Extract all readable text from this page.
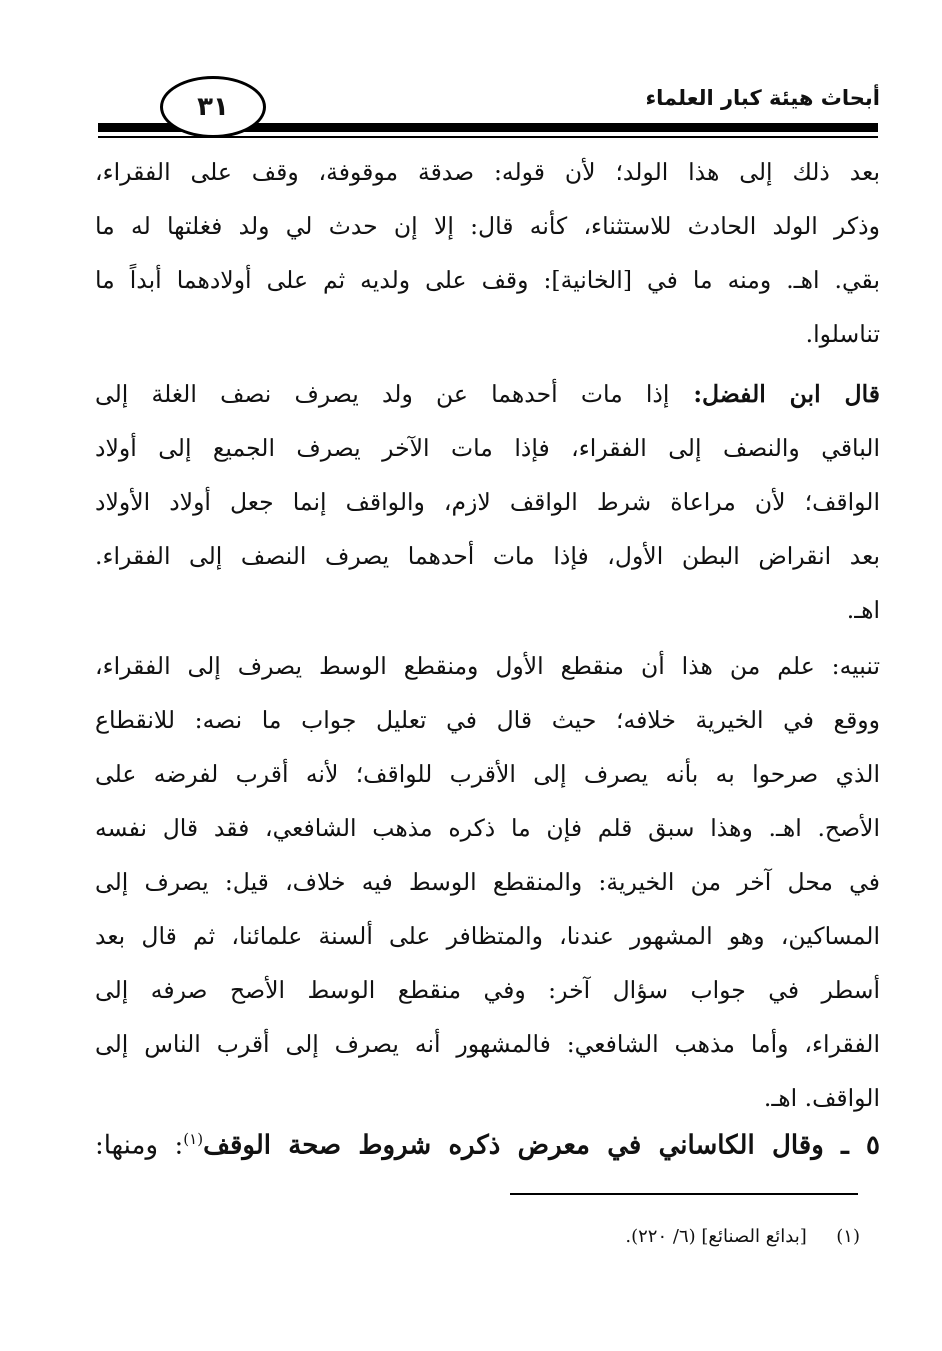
أبحاث هيئة كبار العلماء
٣١
بعد ذلك إلى هذا الولد؛ لأن قوله: صدقة موقوفة، وقف على الفقراء،
وذكر الولد الحادث للاستثناء، كأنه قال: إلا إن حدث لي ولد فغلتها له ما
بقي. اهـ. ومنه ما في [الخانية]: وقف على ولديه ثم على أولادهما أبداً ما
تناسلوا.
قال ابن الفضل: إذا مات أحدهما عن ولد يصرف نصف الغلة إلى
الباقي والنصف إلى الفقراء، فإذا مات الآخر يصرف الجميع إلى أولاد
الواقف؛ لأن مراعاة شرط الواقف لازم، والواقف إنما جعل أولاد الأولاد
بعد انقراض البطن الأول، فإذا مات أحدهما يصرف النصف إلى الفقراء.
اهـ.
تنبيه: علم من هذا أن منقطع الأول ومنقطع الوسط يصرف إلى الفقراء،
ووقع في الخيرية خلافه؛ حيث قال في تعليل جواب ما نصه: للانقطاع
الذي صرحوا به بأنه يصرف إلى الأقرب للواقف؛ لأنه أقرب لفرضه على
الأصح. اهـ. وهذا سبق قلم فإن ما ذكره مذهب الشافعي، فقد قال نفسه
في محل آخر من الخيرية: والمنقطع الوسط فيه خلاف، قيل: يصرف إلى
المساكين، وهو المشهور عندنا، والمتظافر على ألسنة علمائنا، ثم قال بعد
أسطر في جواب سؤال آخر: وفي منقطع الوسط الأصح صرفه إلى
الفقراء، وأما مذهب الشافعي: فالمشهور أنه يصرف إلى أقرب الناس إلى
الواقف. اهـ.
٥ ـ وقال الكاساني في معرض ذكره شروط صحة الوقف$^{(١)}$: ومنها:
(١)  [بدائع الصنائع] (٦/ ٢٢٠).
